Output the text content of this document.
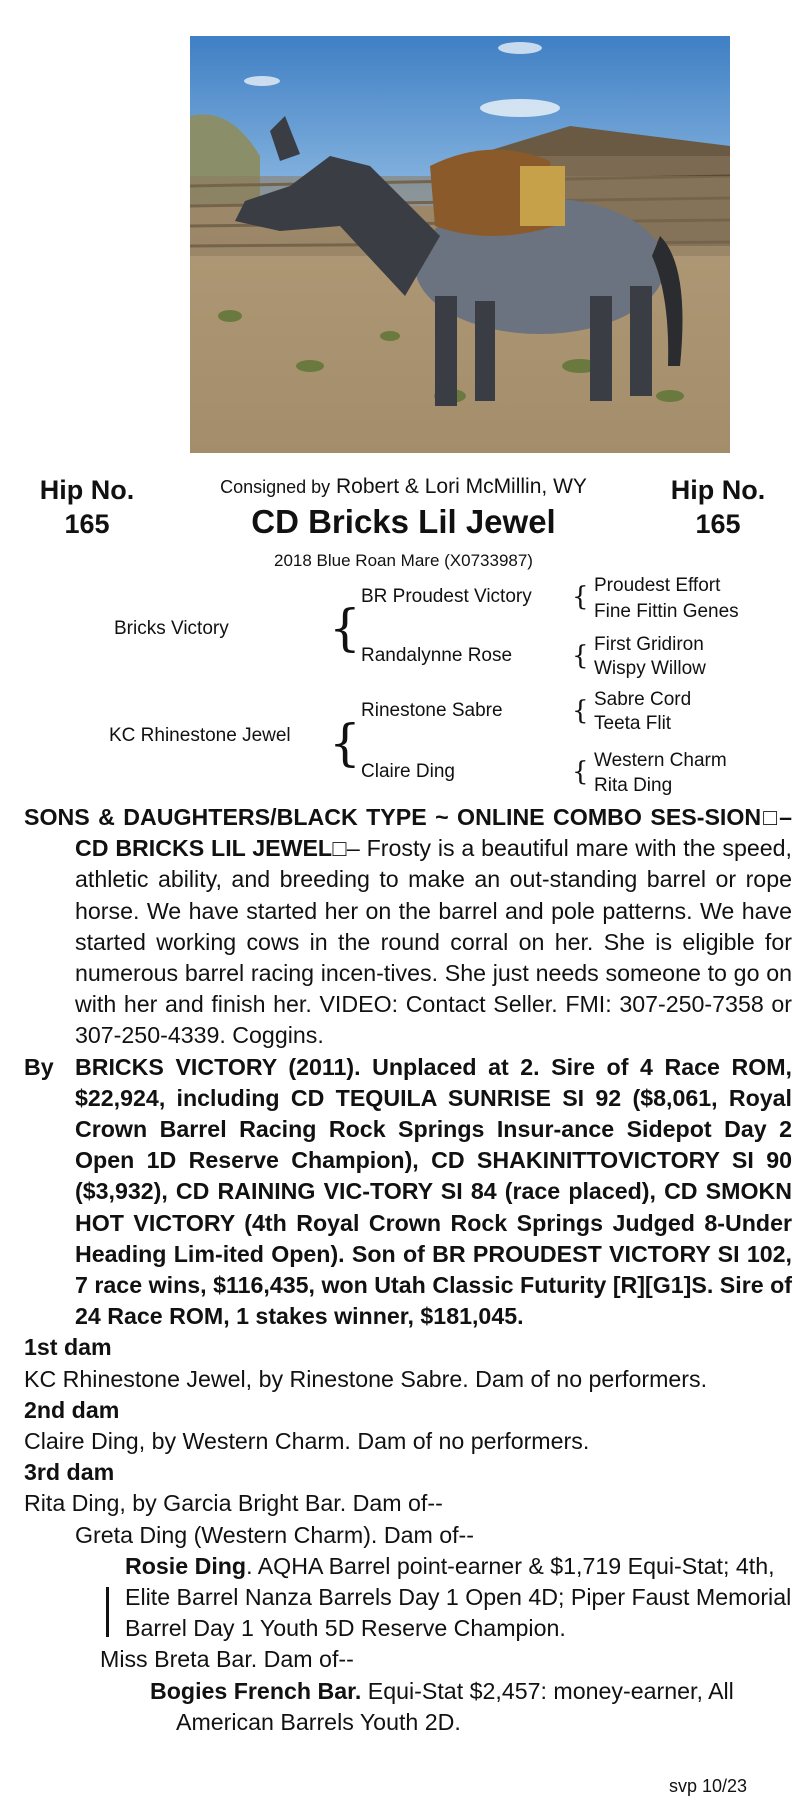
Hip No.
165
Hip No.
165
Consigned by Robert & Lori McMillin, WY
CD Bricks Lil Jewel
2018 Blue Roan Mare (X0733987)
Bricks Victory
KC Rhinestone Jewel
{
{
BR Proudest Victory
Randalynne Rose
Rinestone Sabre
Claire Ding
{
{
{
{
Proudest Effort
Fine Fittin Genes
First Gridiron
Wispy Willow
Sabre Cord
Teeta Flit
Western Charm
Rita Ding

SONS & DAUGHTERS/BLACK TYPE ~ ONLINE COMBO SES-SION□– CD BRICKS LIL JEWEL□– Frosty is a beautiful mare with the speed, athletic ability, and breeding to make an out-standing barrel or rope horse. We have started her on the barrel and pole patterns. We have started working cows in the round corral on her. She is eligible for numerous barrel racing incen-tives. She just needs someone to go on with her and finish her. VIDEO: Contact Seller. FMI: 307-250-7358 or 307-250-4339. Coggins.

By BRICKS VICTORY (2011). Unplaced at 2. Sire of 4 Race ROM, $22,924, including CD TEQUILA SUNRISE SI 92 ($8,061, Royal Crown Barrel Racing Rock Springs Insur-ance Sidepot Day 2 Open 1D Reserve Champion), CD SHAKINITTOVICTORY SI 90 ($3,932), CD RAINING VIC-TORY SI 84 (race placed), CD SMOKN HOT VICTORY (4th Royal Crown Rock Springs Judged 8-Under Heading Lim-ited Open). Son of BR PROUDEST VICTORY SI 102, 7 race wins, $116,435, won Utah Classic Futurity [R][G1]S. Sire of 24 Race ROM, 1 stakes winner, $181,045.

1st dam

KC Rhinestone Jewel, by Rinestone Sabre. Dam of no performers.

2nd dam

Claire Ding, by Western Charm. Dam of no performers.

3rd dam

Rita Ding, by Garcia Bright Bar. Dam of--

Greta Ding (Western Charm). Dam of--

Rosie Ding. AQHA Barrel point-earner & $1,719 Equi-Stat; 4th, Elite Barrel Nanza Barrels Day 1 Open 4D; Piper Faust Memorial Barrel Day 1 Youth 5D Reserve Champion.

Miss Breta Bar. Dam of--

Bogies French Bar. Equi-Stat $2,457: money-earner, All American Barrels Youth 2D.

svp 10/23
